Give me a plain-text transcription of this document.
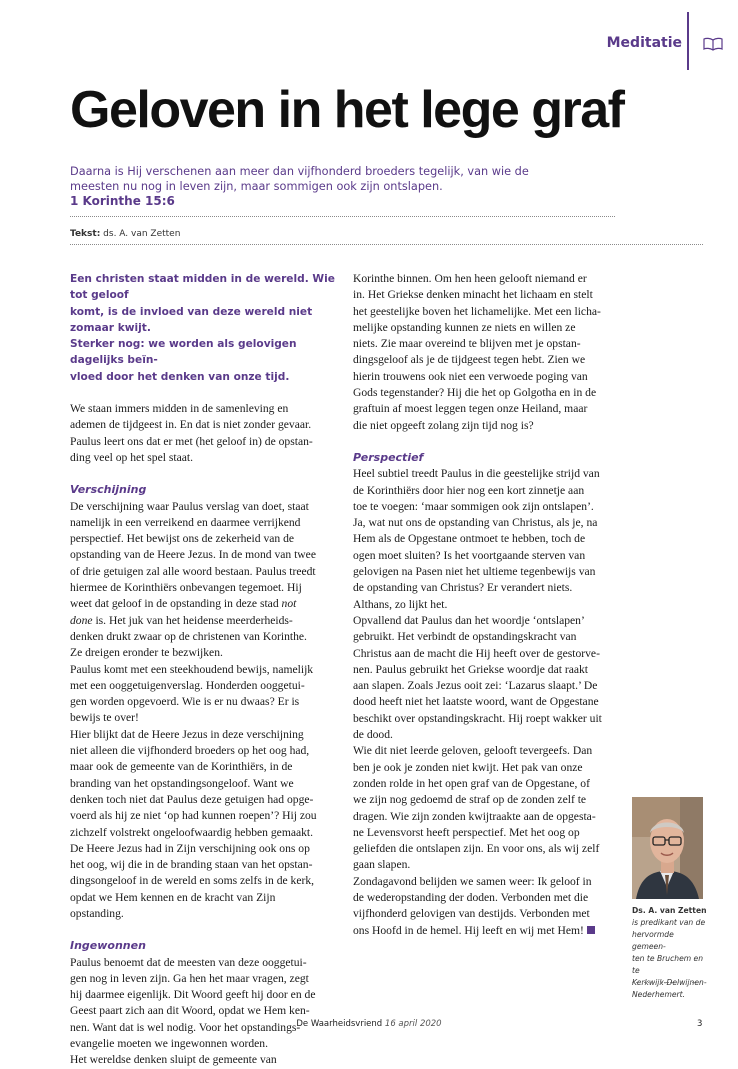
Meditatie
Geloven in het lege graf
Daarna is Hij verschenen aan meer dan vijfhonderd broeders tegelijk, van wie de meesten nu nog in leven zijn, maar sommigen ook zijn ontslapen.
1 Korinthe 15:6
Tekst: ds. A. van Zetten

Een christen staat midden in de wereld. Wie tot geloof

komt, is de invloed van deze wereld niet zomaar kwijt.

Sterker nog: we worden als gelovigen dagelijks beïn-

vloed door het denken van onze tijd.

We staan immers midden in de samenleving en

ademen de tijdgeest in. En dat is niet zonder gevaar.

Paulus leert ons dat er met (het geloof in) de opstan-

ding veel op het spel staat.

Verschijning

De verschijning waar Paulus verslag van doet, staat

namelijk in een verreikend en daarmee verrijkend

perspectief. Het bewijst ons de zekerheid van de

opstanding van de Heere Jezus. In de mond van twee

of drie getuigen zal alle woord bestaan. Paulus treedt

hiermee de Korinthiërs onbevangen tegemoet. Hij

weet dat geloof in de opstanding in deze stad not

done is. Het juk van het heidense meerderheids-

denken drukt zwaar op de christenen van Korinthe.

Ze dreigen eronder te bezwijken.

Paulus komt met een steekhoudend bewijs, namelijk

met een ooggetuigenverslag. Honderden ooggetui-

gen worden opgevoerd. Wie is er nu dwaas? Er is

bewijs te over!

Hier blijkt dat de Heere Jezus in deze verschijning

niet alleen die vijfhonderd broeders op het oog had,

maar ook de gemeente van de Korinthiërs, in de

branding van het opstandingsongeloof. Want we

denken toch niet dat Paulus deze getuigen had opge-

voerd als hij ze niet ‘op had kunnen roepen’? Hij zou

zichzelf volstrekt ongeloofwaardig hebben gemaakt.

De Heere Jezus had in Zijn verschijning ook ons op

het oog, wij die in de branding staan van het opstan-

dingsongeloof in de wereld en soms zelfs in de kerk,

opdat we Hem kennen en de kracht van Zijn

opstanding.

Ingewonnen

Paulus benoemt dat de meesten van deze ooggetui-

gen nog in leven zijn. Ga hen het maar vragen, zegt

hij daarmee eigenlijk. Dit Woord geeft hij door en de

Geest paart zich aan dit Woord, opdat we Hem ken-

nen. Want dat is wel nodig. Voor het opstandings-

evangelie moeten we ingewonnen worden.

Het wereldse denken sluipt de gemeente van

Korinthe binnen. Om hen heen gelooft niemand er

in. Het Griekse denken minacht het lichaam en stelt

het geestelijke boven het lichamelijke. Met een licha-

melijke opstanding kunnen ze niets en willen ze

niets. Zie maar overeind te blijven met je opstan-

dingsgeloof als je de tijdgeest tegen hebt. Zien we

hierin trouwens ook niet een verwoede poging van

Gods tegenstander? Hij die het op Golgotha en in de

graftuin af moest leggen tegen onze Heiland, maar

die niet opgeeft zolang zijn tijd nog is?

Perspectief

Heel subtiel treedt Paulus in die geestelijke strijd van

de Korinthiërs door hier nog een kort zinnetje aan

toe te voegen: ‘maar sommigen ook zijn ontslapen’.

Ja, wat nut ons de opstanding van Christus, als je, na

Hem als de Opgestane ontmoet te hebben, toch de

ogen moet sluiten? Is het voortgaande sterven van

gelovigen na Pasen niet het ultieme tegenbewijs van

de opstanding van Christus? Er verandert niets.

Althans, zo lijkt het.

Opvallend dat Paulus dan het woordje ‘ontslapen’

gebruikt. Het verbindt de opstandingskracht van

Christus aan de macht die Hij heeft over de gestorve-

nen. Paulus gebruikt het Griekse woordje dat raakt

aan slapen. Zoals Jezus ooit zei: ‘Lazarus slaapt.’ De

dood heeft niet het laatste woord, want de Opgestane

beschikt over opstandingskracht. Hij roept wakker uit

de dood.

Wie dit niet leerde geloven, gelooft tevergeefs. Dan

ben je ook je zonden niet kwijt. Het pak van onze

zonden rolde in het open graf van de Opgestane, of

we zijn nog gedoemd de straf op de zonden zelf te

dragen. Wie zijn zonden kwijtraakte aan de opgesta-

ne Levensvorst heeft perspectief. Met het oog op

geliefden die ontslapen zijn. En voor ons, als wij zelf

gaan slapen.

Zondagavond belijden we samen weer: Ik geloof in

de wederopstanding der doden. Verbonden met die

vijfhonderd gelovigen van destijds. Verbonden met

ons Hoofd in de hemel. Hij leeft en wij met Hem!

Ds. A. van Zetten
is predikant van de
hervormde gemeen-
ten te Bruchem en te
Kerkwijk-Delwijnen-
Nederhemert.
De Waarheidsvriend 16 april 2020	3
